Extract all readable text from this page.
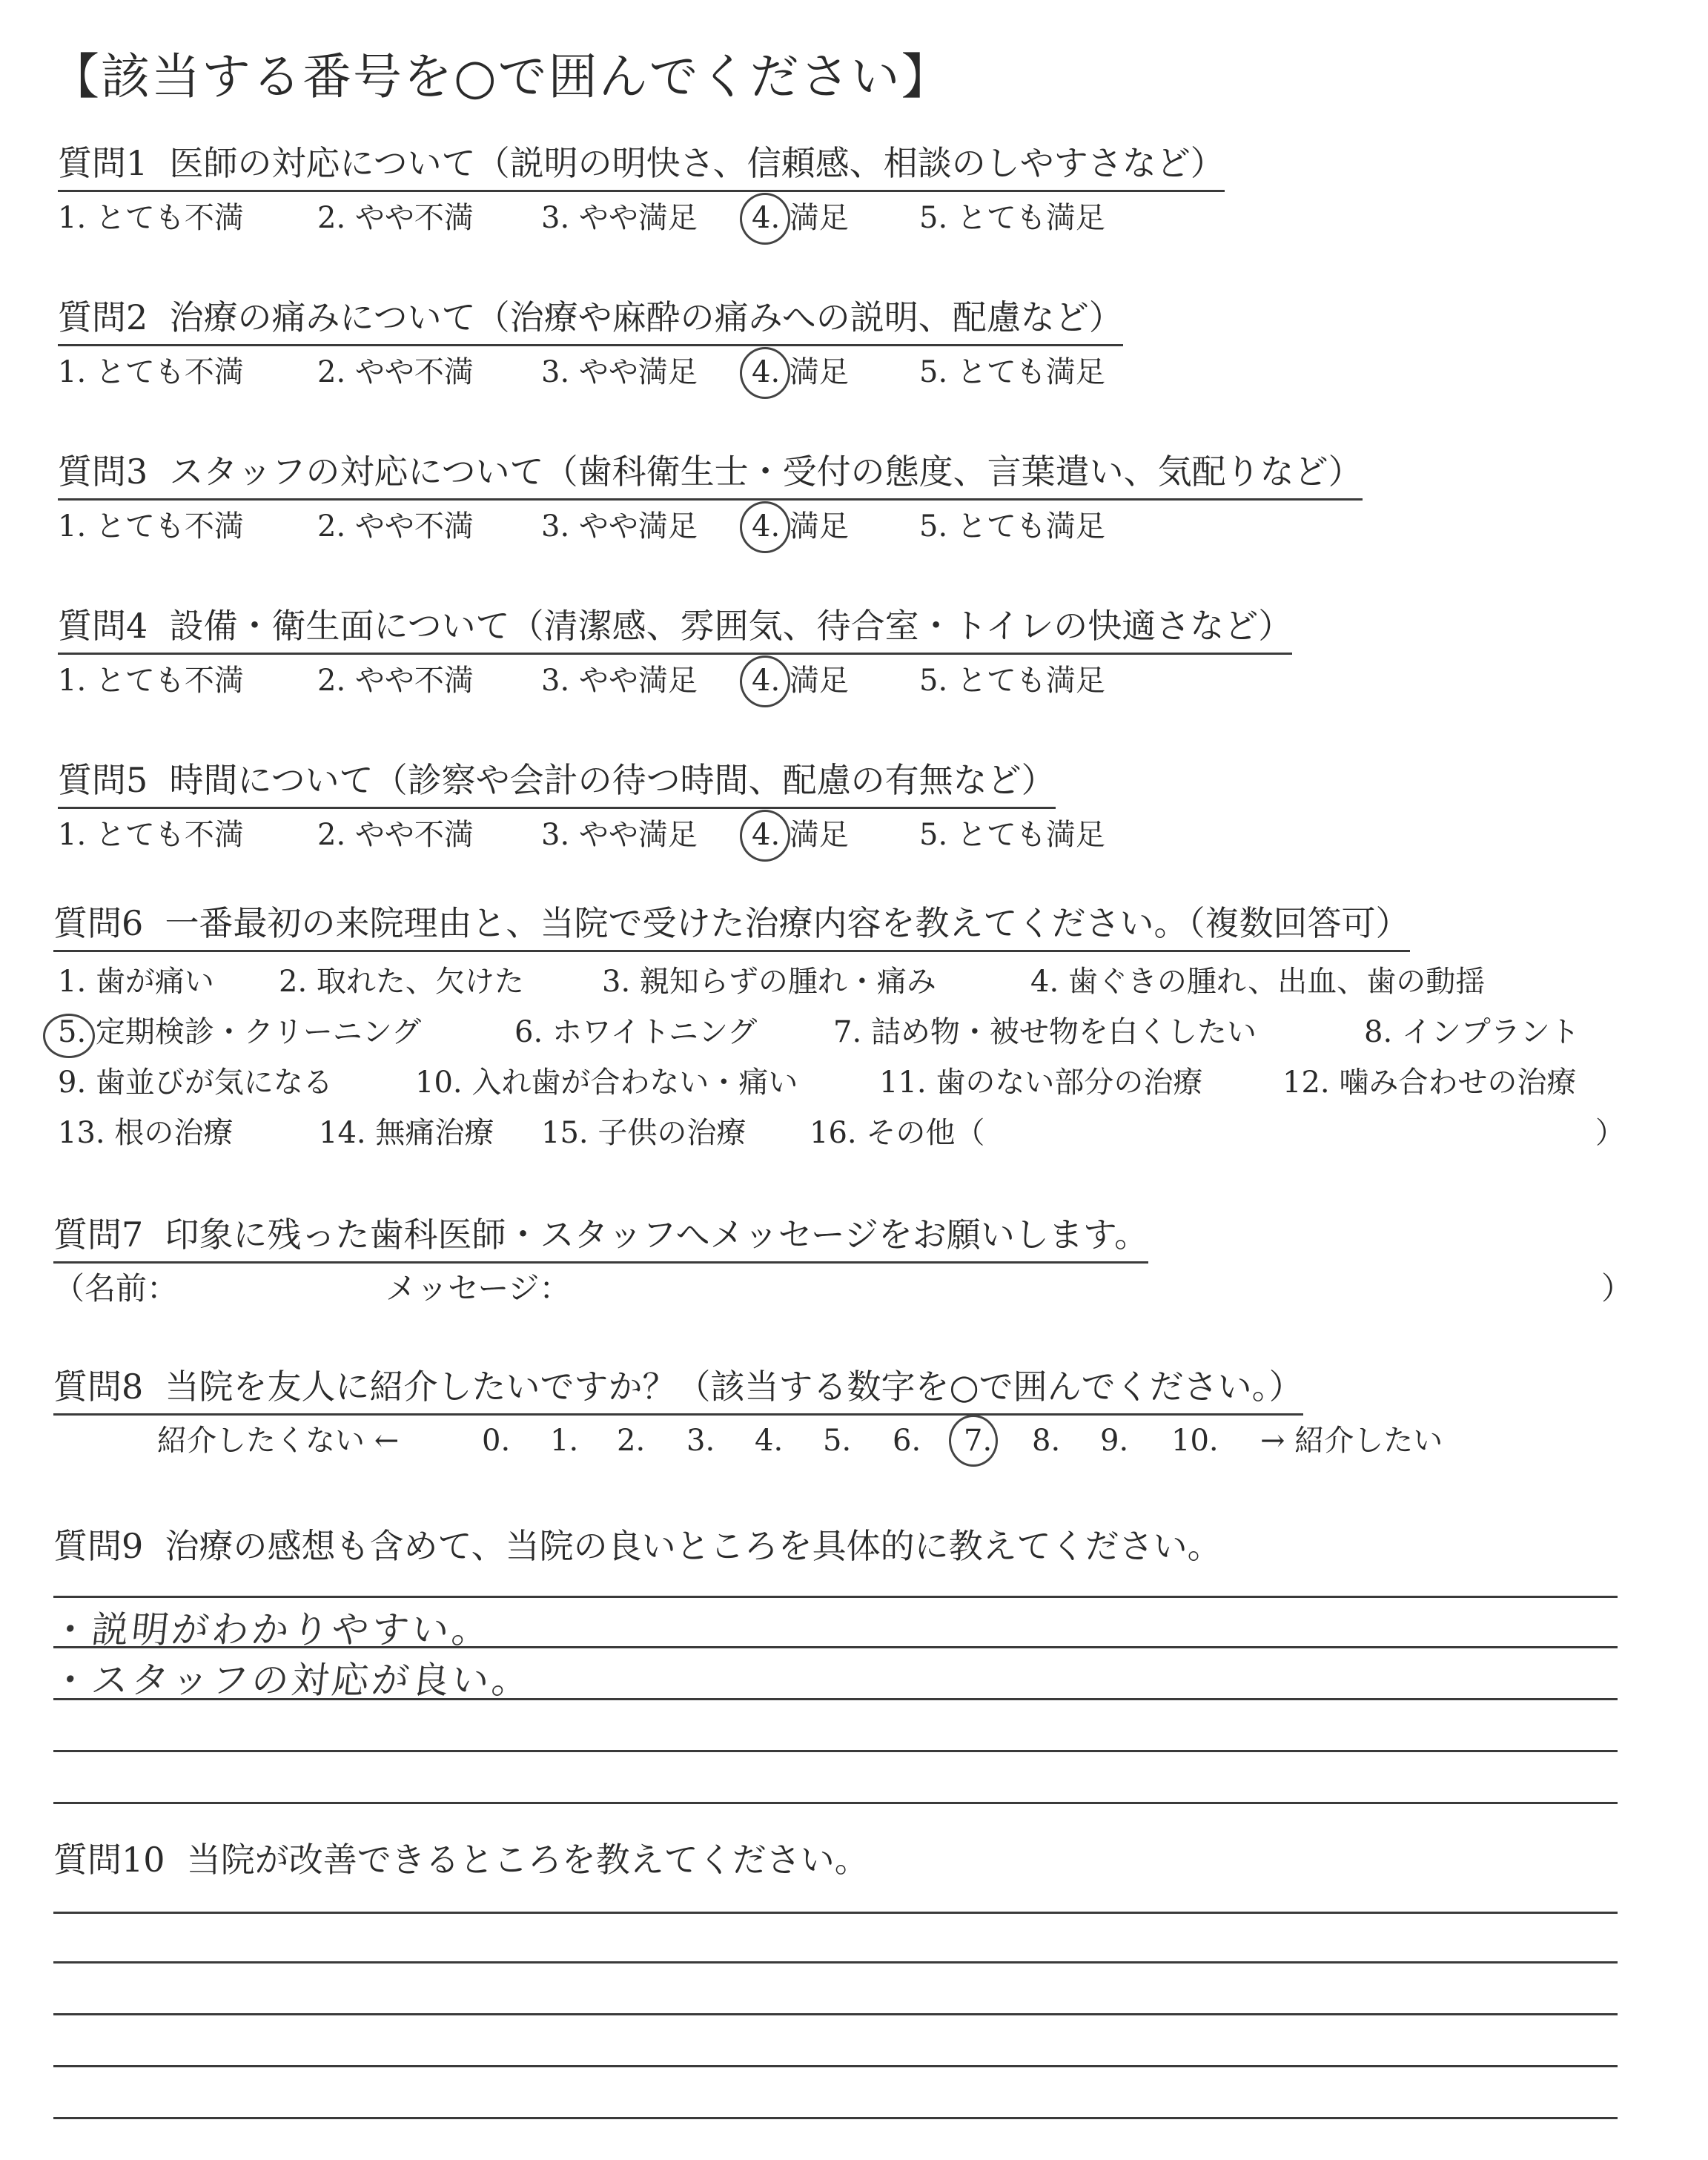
【該当する番号を○で囲んでください】
質問1 医師の対応について（説明の明快さ、信頼感、相談のしやすさなど）
1. とても不満 2. やや不満 3. やや満足 4. 満足 5. とても満足
質問2 治療の痛みについて（治療や麻酔の痛みへの説明、配慮など）
1. とても不満 2. やや不満 3. やや満足 4. 満足 5. とても満足
質問3 スタッフの対応について（歯科衛生士・受付の態度、言葉遣い、気配りなど）
1. とても不満 2. やや不満 3. やや満足 4. 満足 5. とても満足
質問4 設備・衛生面について（清潔感、雰囲気、待合室・トイレの快適さなど）
1. とても不満 2. やや不満 3. やや満足 4. 満足 5. とても満足
質問5 時間について（診察や会計の待つ時間、配慮の有無など）
1. とても不満 2. やや不満 3. やや満足 4. 満足 5. とても満足
質問6 一番最初の来院理由と、当院で受けた治療内容を教えてください。（複数回答可）
1. 歯が痛い 2. 取れた、欠けた	3. 親知らずの腫れ・痛み	4. 歯ぐきの腫れ、出血、歯の動揺
5. 定期検診・クリーニング	6. ホワイトニング	7. 詰め物・被せ物を白くしたい	8. インプラント
9. 歯並びが気になる	10. 入れ歯が合わない・痛い	11. 歯のない部分の治療	12. 噛み合わせの治療
13. 根の治療	14. 無痛治療 15. 子供の治療 16. その他（	）
質問7 印象に残った歯科医師・スタッフへメッセージをお願いします。
（名前：	メッセージ：	）
質問8 当院を友人に紹介したいですか？（該当する数字を○で囲んでください。）
紹介したくない ←	0. 1. 2. 3. 4. 5. 6. 7. 8. 9. 10. → 紹介したい
質問9 治療の感想も含めて、当院の良いところを具体的に教えてください。
・説明がわかりやすい。
・スタッフの対応が良い。
質問10 当院が改善できるところを教えてください。
